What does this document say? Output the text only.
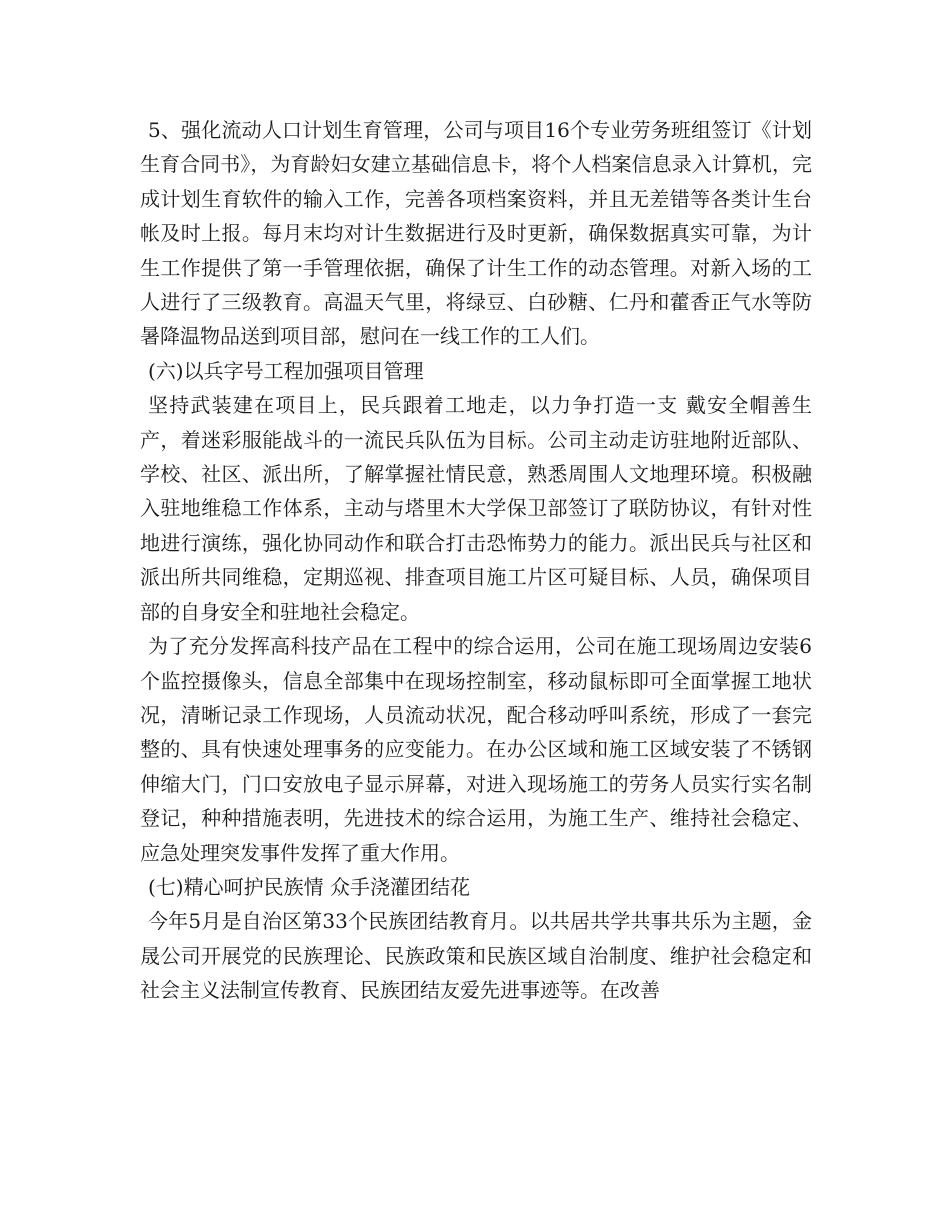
5、强化流动人口计划生育管理，公司与项目16个专业劳务班组签订《计划生育合同书》，为育龄妇女建立基础信息卡，将个人档案信息录入计算机，完成计划生育软件的输入工作，完善各项档案资料，并且无差错等各类计生台帐及时上报。每月末均对计生数据进行及时更新，确保数据真实可靠，为计生工作提供了第一手管理依据，确保了计生工作的动态管理。对新入场的工人进行了三级教育。高温天气里，将绿豆、白砂糖、仁丹和藿香正气水等防暑降温物品送到项目部，慰问在一线工作的工人们。

(六)以兵字号工程加强项目管理

坚持武装建在项目上，民兵跟着工地走，以力争打造一支 戴安全帽善生产，着迷彩服能战斗的一流民兵队伍为目标。公司主动走访驻地附近部队、学校、社区、派出所，了解掌握社情民意，熟悉周围人文地理环境。积极融入驻地维稳工作体系，主动与塔里木大学保卫部签订了联防协议，有针对性地进行演练，强化协同动作和联合打击恐怖势力的能力。派出民兵与社区和派出所共同维稳，定期巡视、排查项目施工片区可疑目标、人员，确保项目部的自身安全和驻地社会稳定。

为了充分发挥高科技产品在工程中的综合运用，公司在施工现场周边安装6个监控摄像头，信息全部集中在现场控制室，移动鼠标即可全面掌握工地状况，清晰记录工作现场，人员流动状况，配合移动呼叫系统，形成了一套完整的、具有快速处理事务的应变能力。在办公区域和施工区域安装了不锈钢伸缩大门，门口安放电子显示屏幕，对进入现场施工的劳务人员实行实名制登记，种种措施表明，先进技术的综合运用，为施工生产、维持社会稳定、应急处理突发事件发挥了重大作用。

(七)精心呵护民族情 众手浇灌团结花

今年5月是自治区第33个民族团结教育月。以共居共学共事共乐为主题，金晟公司开展党的民族理论、民族政策和民族区域自治制度、维护社会稳定和社会主义法制宣传教育、民族团结友爱先进事迹等。在改善
